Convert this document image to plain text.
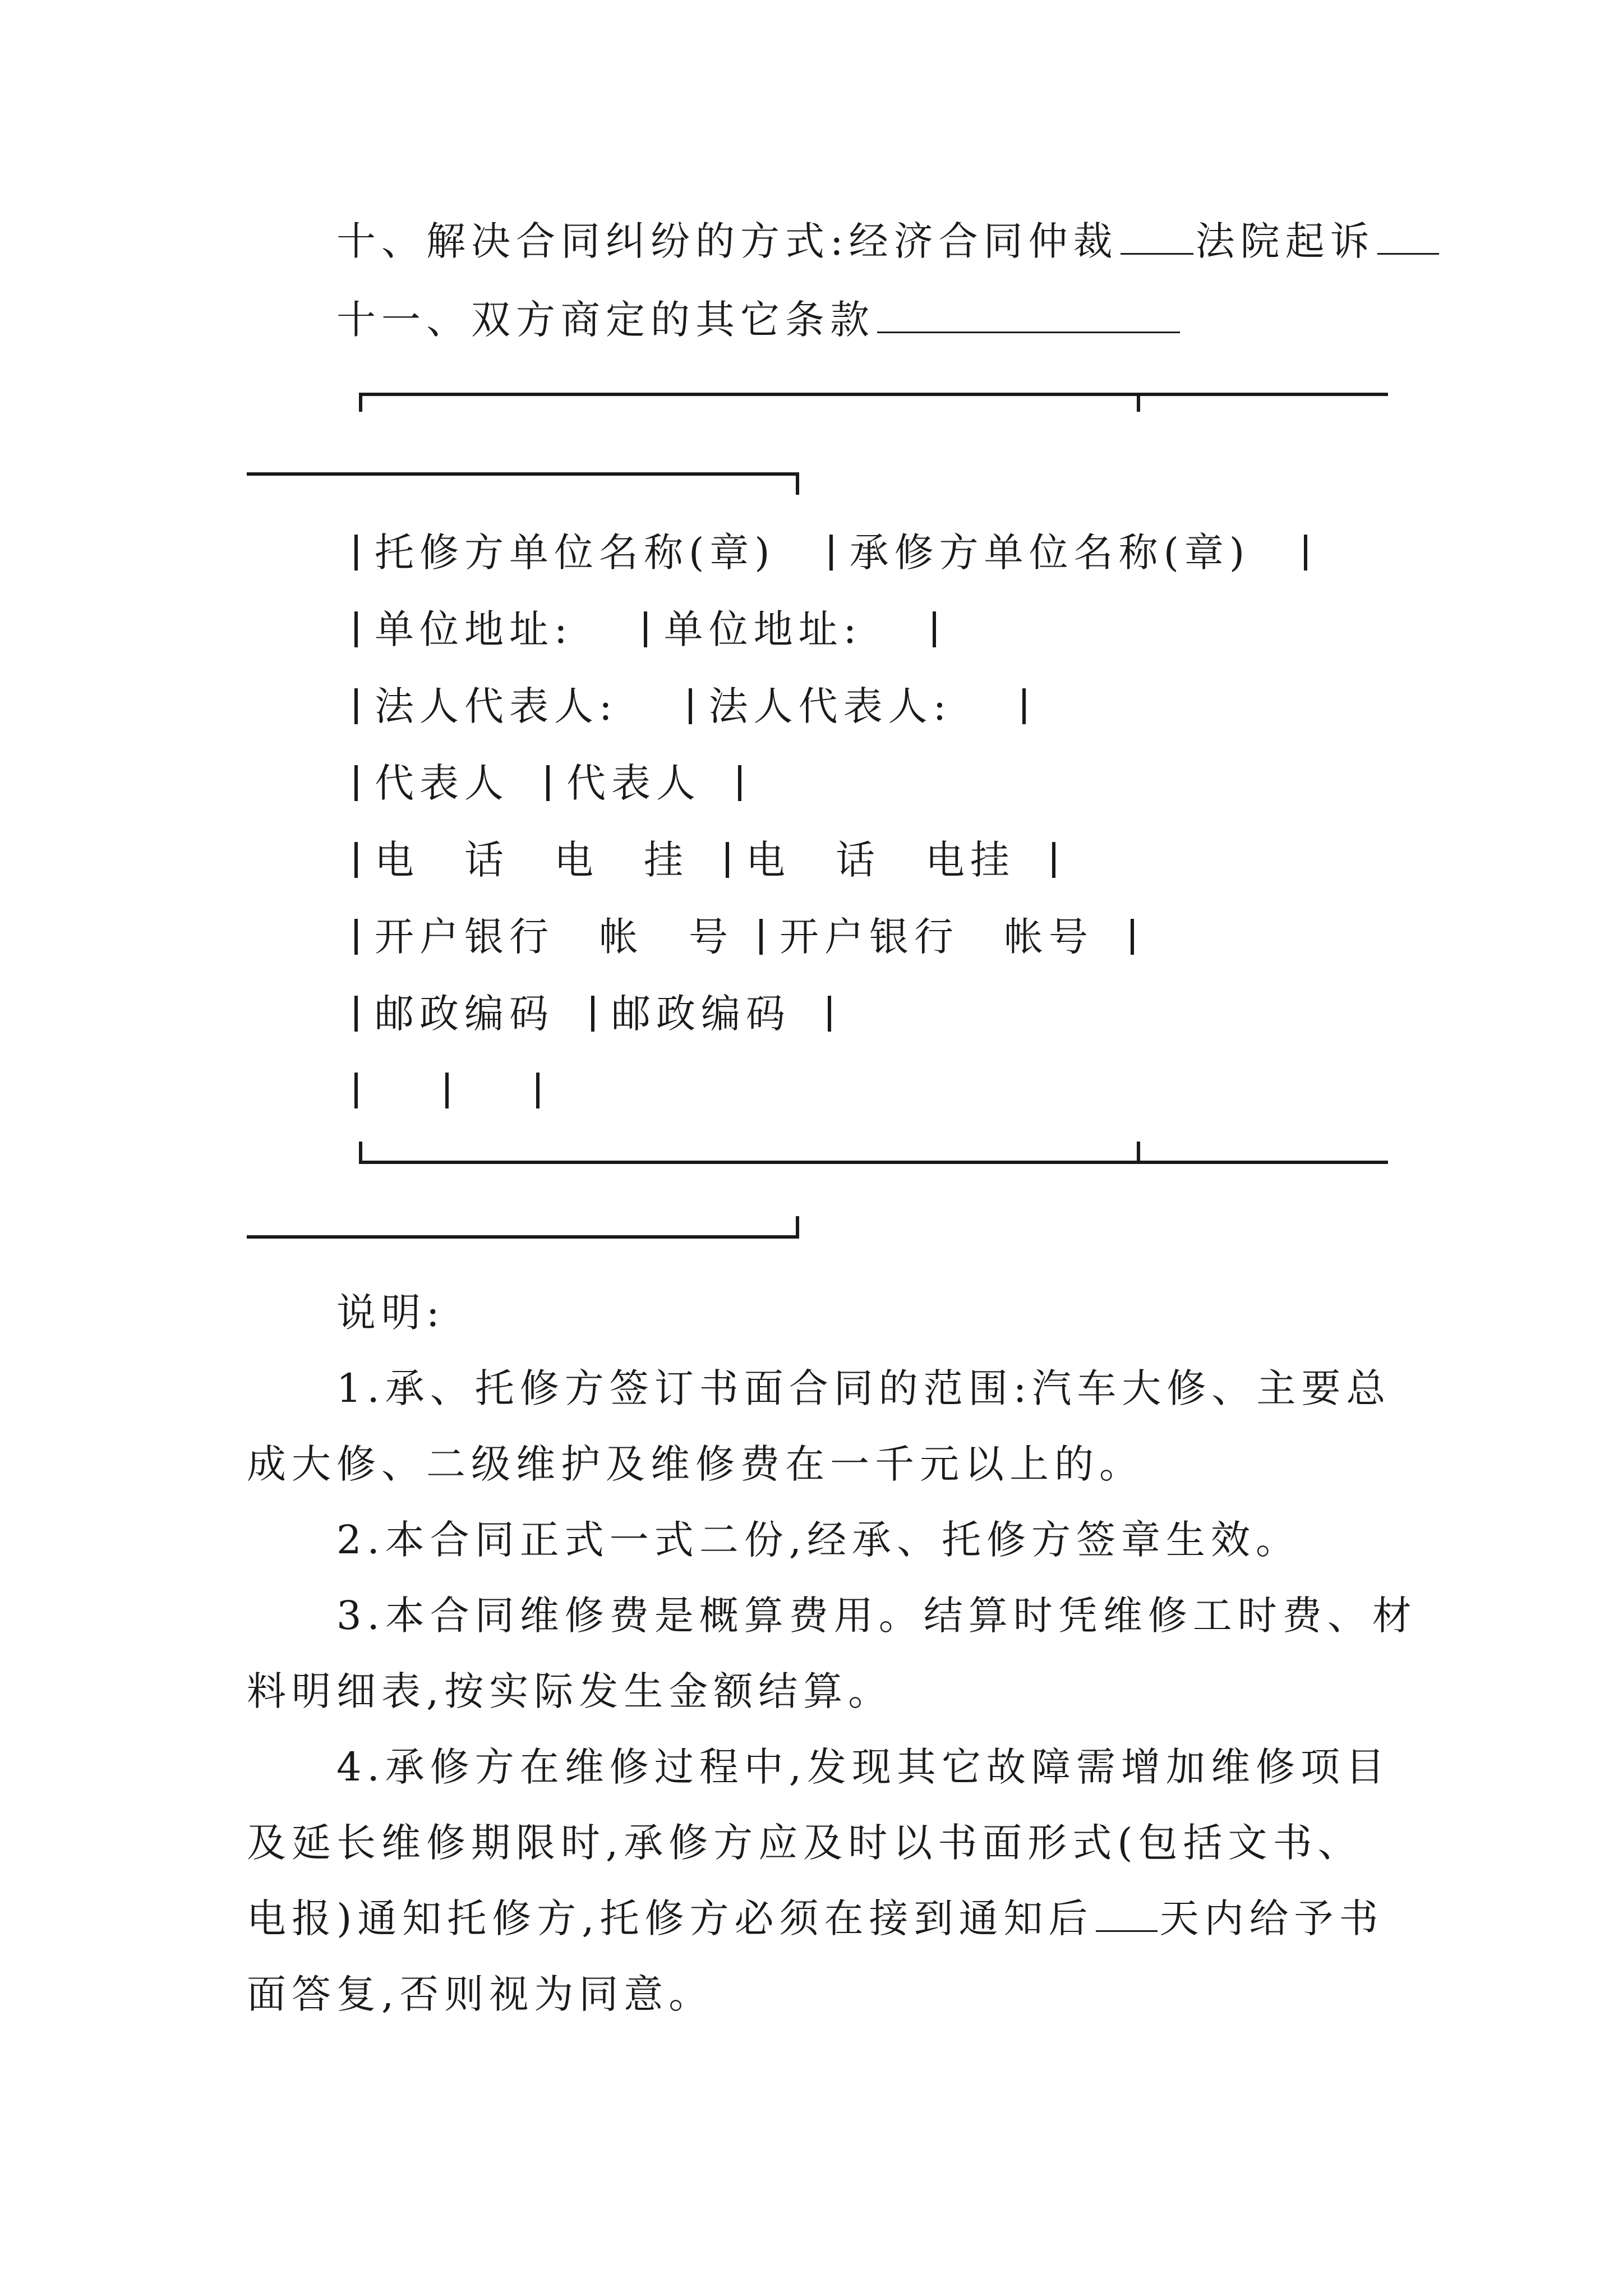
十、解决合同纠纷的方式:经济合同仲裁 法院起诉
十一、双方商定的其它条款
托修方单位名称(章) 承修方单位名称(章)
单位地址: 单位地址:
法人代表人: 法人代表人:
代表人 代表人
电　话　电　挂 电　话　电挂
开户银行　帐　号 开户银行　帐号
邮政编码 邮政编码
说明:
1.承、托修方签订书面合同的范围:汽车大修、主要总
成大修、二级维护及维修费在一千元以上的。
2.本合同正式一式二份,经承、托修方签章生效。
3.本合同维修费是概算费用。结算时凭维修工时费、材
料明细表,按实际发生金额结算。
4.承修方在维修过程中,发现其它故障需增加维修项目
及延长维修期限时,承修方应及时以书面形式(包括文书、
电报)通知托修方,托修方必须在接到通知后 天内给予书
面答复,否则视为同意。
